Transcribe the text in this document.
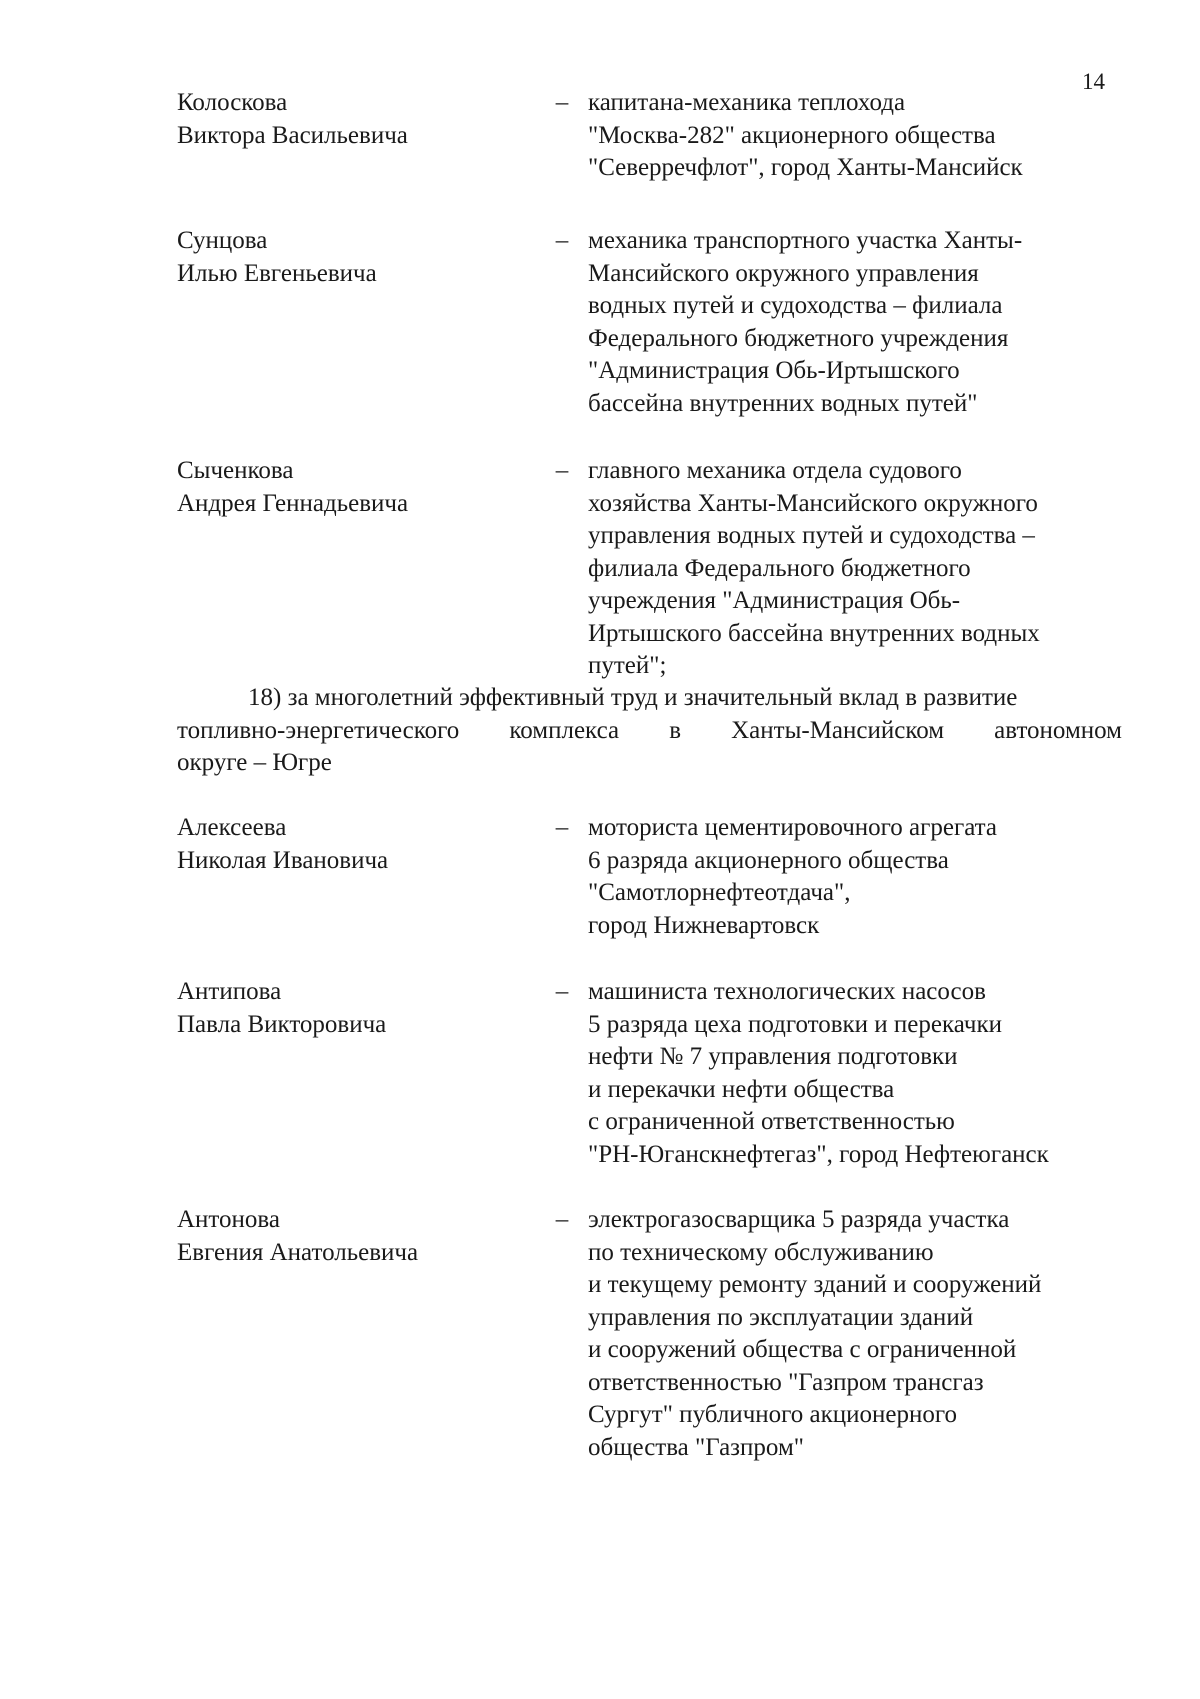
14
Колоскова
Виктора Васильевича
– капитана-механика теплохода
"Москва-282" акционерного общества
"Северречфлот", город Ханты-Мансийск
Сунцова
Илью Евгеньевича
– механика транспортного участка Ханты-
Мансийского окружного управления
водных путей и судоходства – филиала
Федерального бюджетного учреждения
"Администрация Обь-Иртышского
бассейна внутренних водных путей"
Сыченкова
Андрея Геннадьевича
– главного механика отдела судового
хозяйства Ханты-Мансийского окружного
управления водных путей и судоходства –
филиала Федерального бюджетного
учреждения "Администрация Обь-
Иртышского бассейна внутренних водных
путей";
18) за многолетний эффективный труд и значительный вклад в развитие
топливно-энергетического комплекса в Ханты-Мансийском автономном
округе – Югре
Алексеева
Николая Ивановича
– моториста цементировочного агрегата
6 разряда акционерного общества
"Самотлорнефтеотдача",
город Нижневартовск
Антипова
Павла Викторовича
– машиниста технологических насосов
5 разряда цеха подготовки и перекачки
нефти № 7 управления подготовки
и перекачки нефти общества
с ограниченной ответственностью
"РН-Юганскнефтегаз", город Нефтеюганск
Антонова
Евгения Анатольевича
– электрогазосварщика 5 разряда участка
по техническому обслуживанию
и текущему ремонту зданий и сооружений
управления по эксплуатации зданий
и сооружений общества с ограниченной
ответственностью "Газпром трансгаз
Сургут" публичного акционерного
общества "Газпром"
